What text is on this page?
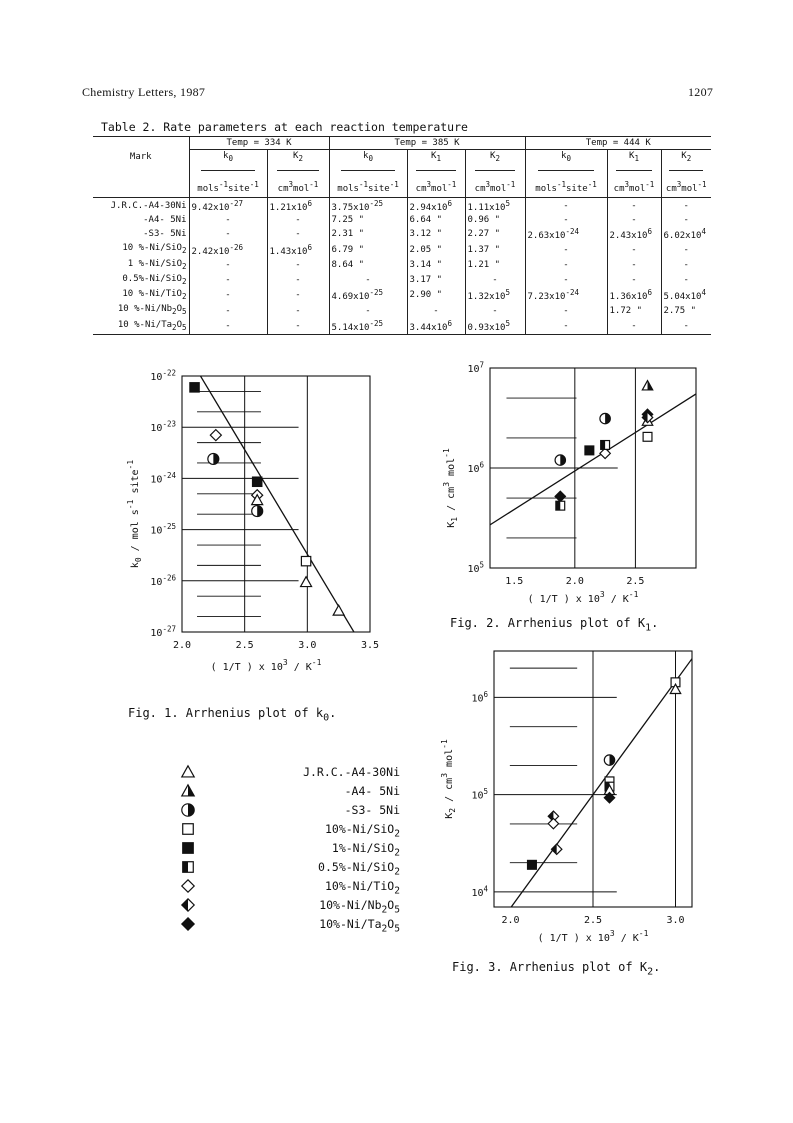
Chemistry Letters, 1987	1207
Table 2. Rate parameters at each reaction temperature
	Temp = 334 K		Temp = 385 K			Temp = 444 K		
Mark	$k_0$	$K_2$	$k_0$	$K_1$	$K_2$	$k_0$	$K_1$	$K_2$

	mols$^{-1}$site$^{-1}$	$cm^3mol^{-1}$	mols$^{-1}$site$^{-1}$	$cm^3mol^{-1}$	$cm^3mol^{-1}$	mols$^{-1}$site$^{-1}$	$cm^3mol^{-1}$	$cm^3mol^{-1}$
J.R.C.-A4-30Ni	$9.42x10^{-27}$	$1.21x10^6$	$3.75x10^{-25}$	$2.94x10^6$	$1.11x10^5$	-	-	-
-A4- 5Ni	-	-	7.25 "	6.64 "	0.96 "	-	-	-
-S3- 5Ni	-	-	2.31 "	3.12 "	2.27 "	$2.63x10^{-24}$	$2.43x10^6$	$6.02x10^4$
10 %-Ni/SiO$_2$	$2.42x10^{-26}$	$1.43x10^6$	6.79 "	2.05 "	1.37 "	-	-	-
1 %-Ni/SiO$_2$	-	-	8.64 "	3.14 "	1.21 "	-	-	-
0.5%-Ni/SiO$_2$	-	-	-	3.17 "	-	-	-	-
10 %-Ni/TiO$_2$	-	-	$4.69x10^{-25}$	2.90 "	$1.32x10^5$	$7.23x10^{-24}$	$1.36x10^6$	$5.04x10^4$
10 $\%-Ni/Nb_2O_5$	-	-	-	-	-	-	1.72 "	2.75 "
10 $\%-Ni/Ta_2O_5$	-	-	$5.14x10^{-25}$	$3.44x10^6$	$0.93x10^5$	-	-	-
2.0	2.5	3.0	3.5
$10^{-22}$
$10^{-23}$
$10^{-24}$
$10^{-25}$
$10^{-26}$
$10^{-27}$
( 1/T ) x $10^3 / K^{-1}$
$k_0$ / mol $s^{-1}$ site$^{-1}$
Fig. 1. Arrhenius plot of $k_0$.
1.5	2.0	2.5
$10^7$
$10^6$
$10^5$
( 1/T ) x $10^3 / K^{-1}$
$K_1 / cm^3$ mol$^{-1}$
Fig. 2. Arrhenius plot of $K_1$.
2.0	2.5	3.0
$10^6$
$10^5$
$10^4$
( 1/T ) x $10^3 / K^{-1}$
$K_2 / cm^3$ mol$^{-1}$
Fig. 3. Arrhenius plot of $K_2$.
J.R.C.-A4-30Ni
-A4- 5Ni
-S3- 5Ni
10%-Ni/SiO$_2$
1%-Ni/SiO$_2$
0.5%-Ni/SiO$_2$
10%-Ni/TiO$_2$
$10\%-Ni/Nb_2O_5$
$10\%-Ni/Ta_2O_5$
